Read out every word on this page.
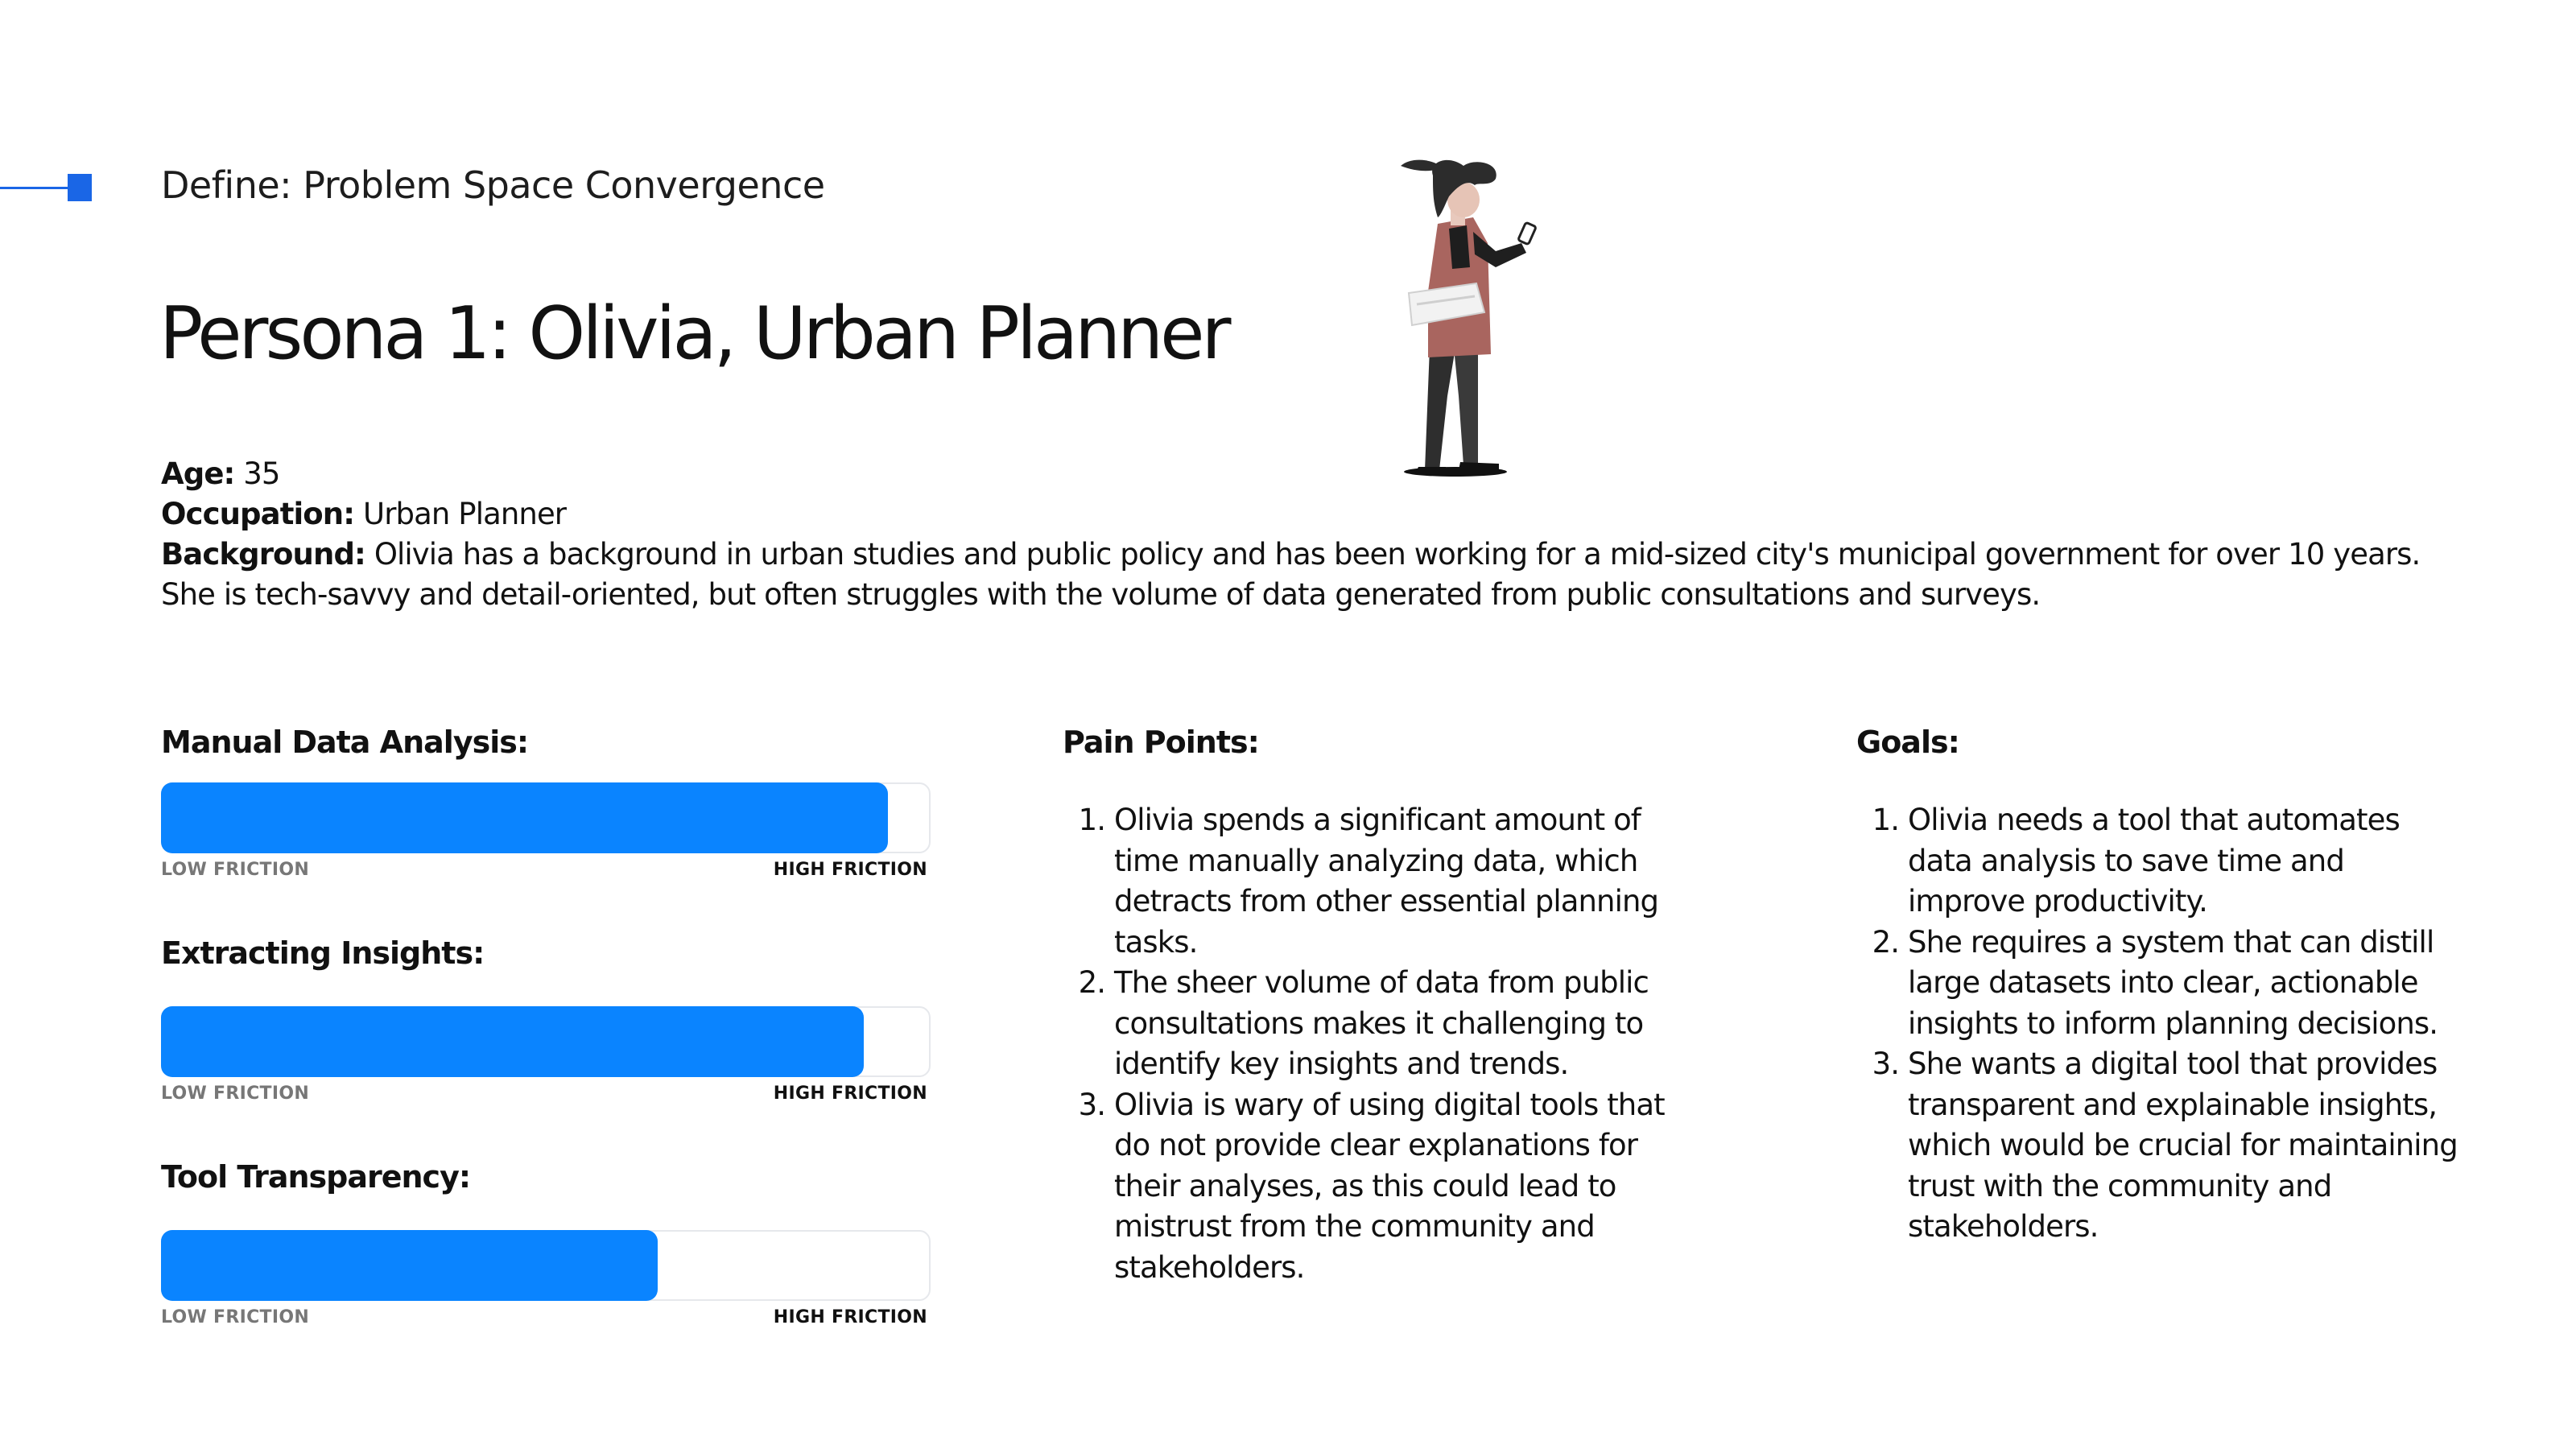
Define: Problem Space Convergence
Persona 1: Olivia, Urban Planner
Age: 35
Occupation: Urban Planner
Background: Olivia has a background in urban studies and public policy and has been working for a mid-sized city's municipal government for over 10 years. She is tech-savvy and detail-oriented, but often struggles with the volume of data generated from public consultations and surveys.
Manual Data Analysis:
LOW FRICTION	HIGH FRICTION
Extracting Insights:
LOW FRICTION	HIGH FRICTION
Tool Transparency:
LOW FRICTION	HIGH FRICTION
Pain Points:
1. Olivia spends a significant amount of time manually analyzing data, which detracts from other essential planning tasks.
2. The sheer volume of data from public consultations makes it challenging to identify key insights and trends.
3. Olivia is wary of using digital tools that do not provide clear explanations for their analyses, as this could lead to mistrust from the community and stakeholders.
Goals:
1. Olivia needs a tool that automates data analysis to save time and improve productivity.
2. She requires a system that can distill large datasets into clear, actionable insights to inform planning decisions.
3. She wants a digital tool that provides transparent and explainable insights, which would be crucial for maintaining trust with the community and stakeholders.
